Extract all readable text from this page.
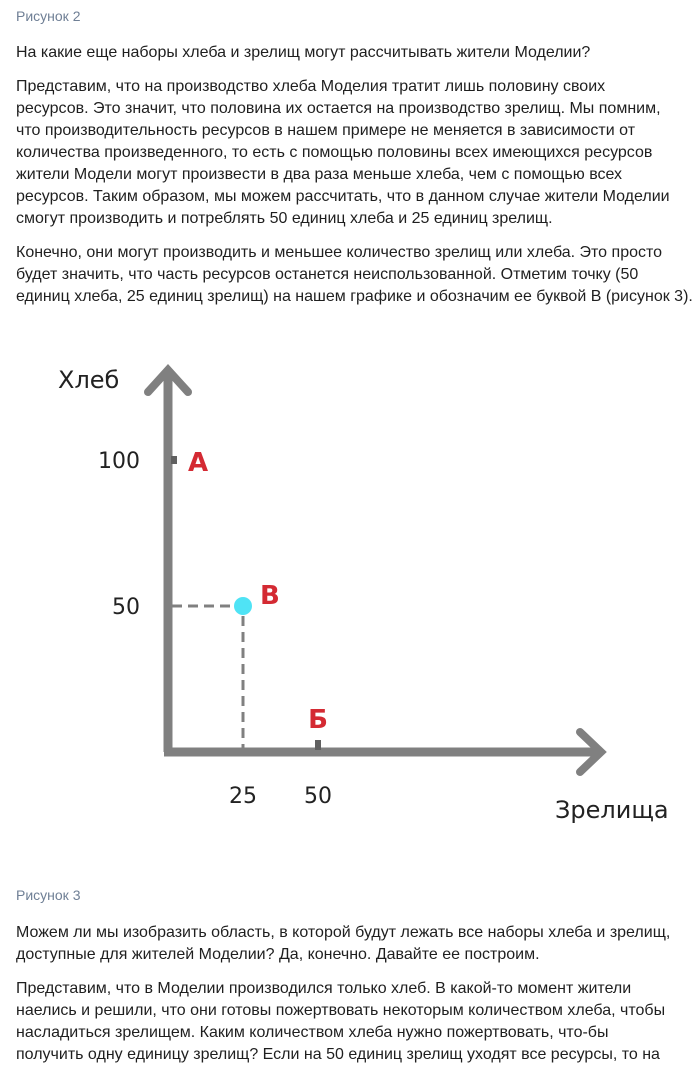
Рисунок 2
На какие еще наборы хлеба и зрелищ могут рассчитывать жители Моделии?
Представим, что на производство хлеба Моделия тратит лишь половину своих
ресурсов. Это значит, что половина их остается на производство зрелищ. Мы помним,
что производительность ресурсов в нашем примере не меняется в зависимости от
количества произведенного, то есть с помощью половины всех имеющихся ресурсов
жители Модели могут произвести в два раза меньше хлеба, чем с помощью всех
ресурсов. Таким образом, мы можем рассчитать, что в данном случае жители Моделии
смогут производить и потреблять 50 единиц хлеба и 25 единиц зрелищ.
Конечно, они могут производить и меньшее количество зрелищ или хлеба. Это просто
будет значить, что часть ресурсов останется неиспользованной. Отметим точку (50
единиц хлеба, 25 единиц зрелищ) на нашем графике и обозначим ее буквой В (рисунок 3).
Хлеб
Зрелища
100
50
25 50
А
В
Б
Рисунок 3
Можем ли мы изобразить область, в которой будут лежать все наборы хлеба и зрелищ,
доступные для жителей Моделии? Да, конечно. Давайте ее построим.
Представим, что в Моделии производился только хлеб. В какой-то момент жители
наелись и решили, что они готовы пожертвовать некоторым количеством хлеба, чтобы
насладиться зрелищем. Каким количеством хлеба нужно пожертвовать, что-бы
получить одну единицу зрелищ? Если на 50 единиц зрелищ уходят все ресурсы, то на
